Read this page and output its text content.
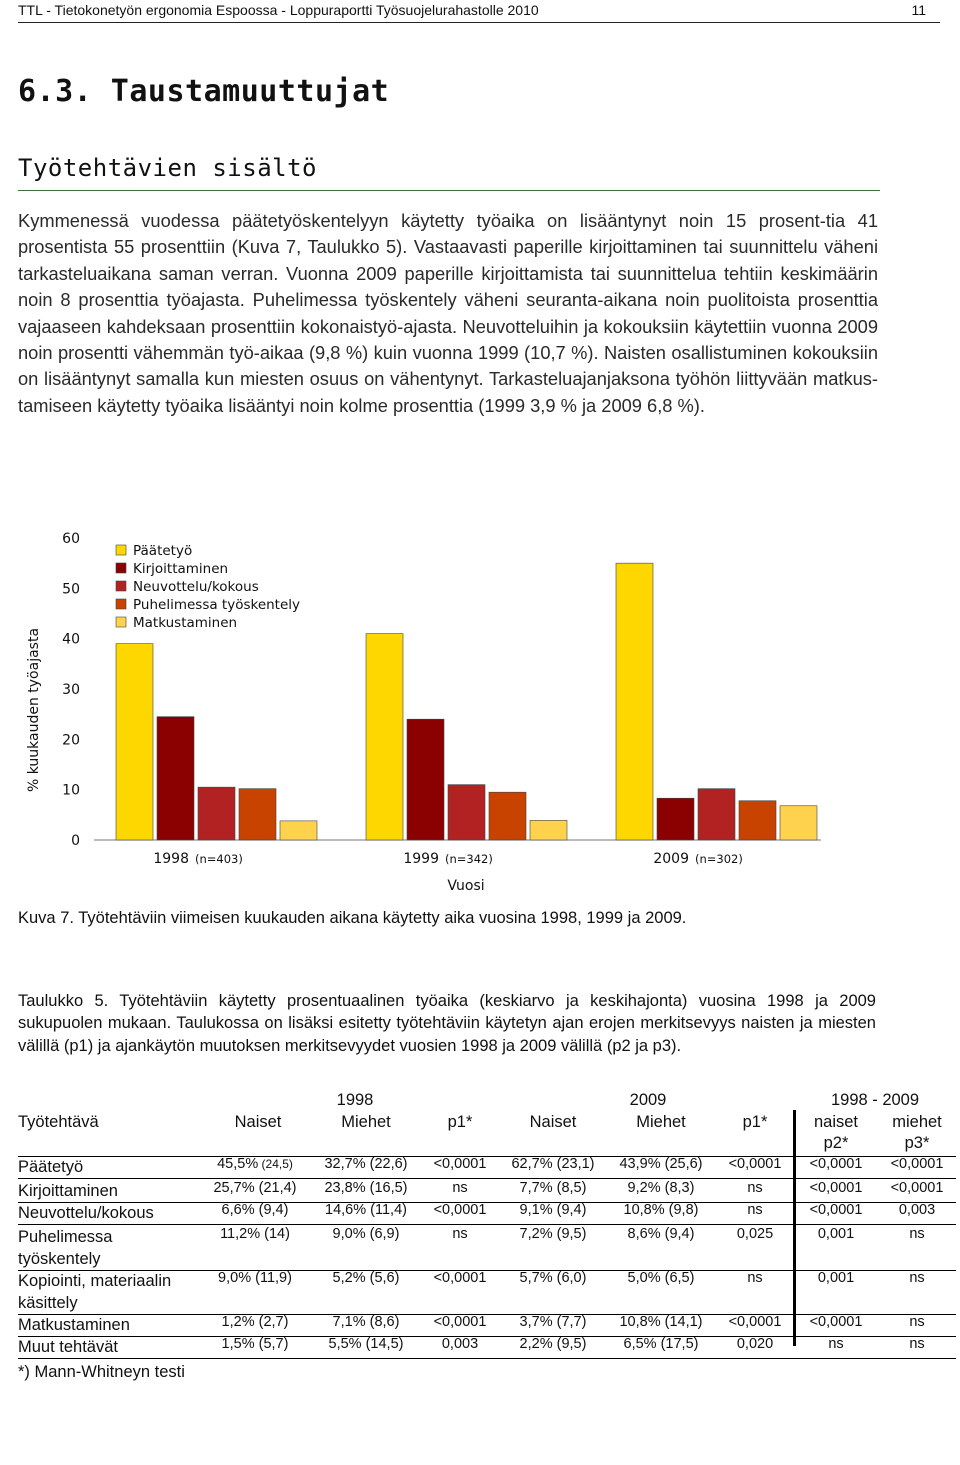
TTL - Tietokonetyön ergonomia Espoossa - Loppuraportti Työsuojelurahastolle 2010	11
6.3. Taustamuuttujat
Työtehtävien sisältö
Kymmenessä vuodessa päätetyöskentelyyn käytetty työaika on lisääntynyt noin 15 prosent-tia 41 prosentista 55 prosenttiin (Kuva 7, Taulukko 5). Vastaavasti paperille kirjoittaminen tai suunnittelu väheni tarkasteluaikana saman verran. Vuonna 2009 paperille kirjoittamista tai suunnittelua tehtiin keskimäärin noin 8 prosenttia työajasta. Puhelimessa työskentely väheni seuranta-aikana noin puolitoista prosenttia vajaaseen kahdeksaan prosenttiin kokonaistyö-ajasta. Neuvotteluihin ja kokouksiin käytettiin vuonna 2009 noin prosentti vähemmän työ-aikaa (9,8 %) kuin vuonna 1999 (10,7 %). Naisten osallistuminen kokouksiin on lisääntynyt samalla kun miesten osuus on vähentynyt. Tarkasteluajanjaksona työhön liittyvään matkus-tamiseen käytetty työaika lisääntyi noin kolme prosenttia (1999 3,9 % ja 2009 6,8 %).
0
10
20
30
40
50
60
% kuukauden työajasta
1998 (n=403)	1999 (n=342)	2009 (n=302)
Vuosi
Päätetyö
Kirjoittaminen
Neuvottelu/kokous
Puhelimessa työskentely
Matkustaminen
Kuva 7. Työtehtäviin viimeisen kuukauden aikana käytetty aika vuosina 1998, 1999 ja 2009.
Taulukko 5. Työtehtäviin käytetty prosentuaalinen työaika (keskiarvo ja keskihajonta) vuosina 1998 ja 2009 sukupuolen mukaan. Taulukossa on lisäksi esitetty työtehtäviin käytetyn ajan erojen merkitsevyys naisten ja miesten välillä (p1) ja ajankäytön muutoksen merkitsevyydet vuosien 1998 ja 2009 välillä (p2 ja p3).
1998	2009	1998 - 2009
Työtehtävä	Naiset	Miehet	p1*	Naiset	Miehet	p1*	naiset miehet
p2*	p3*
Päätetyö	45,5% (24,5) 32,7% (22,6) <0,0001 62,7% (23,1) 43,9% (25,6) <0,0001 <0,0001 <0,0001
Kirjoittaminen	25,7% (21,4) 23,8% (16,5)	ns	7,7% (8,5)	9,2% (8,3)	ns	<0,0001 <0,0001
Neuvottelu/kokous	6,6% (9,4)	14,6% (11,4) <0,0001 9,1% (9,4)	10,8% (9,8)	ns	<0,0001	0,003
Puhelimessa
työskentely
11,2% (14)	9,0% (6,9)	ns	7,2% (9,5)	8,6% (9,4)	0,025	0,001	ns
Kopiointi, materiaalin
käsittely
9,0% (11,9)	5,2% (5,6) <0,0001 5,7% (6,0)	5,0% (6,5)	ns	0,001	ns
Matkustaminen	1,2% (2,7)	7,1% (8,6) <0,0001 3,7% (7,7) 10,8% (14,1) <0,0001 <0,0001	ns
Muut tehtävät	1,5% (5,7)	5,5% (14,5)	0,003	2,2% (9,5)	6,5% (17,5)	0,020	ns	ns
*) Mann-Whitneyn testi
